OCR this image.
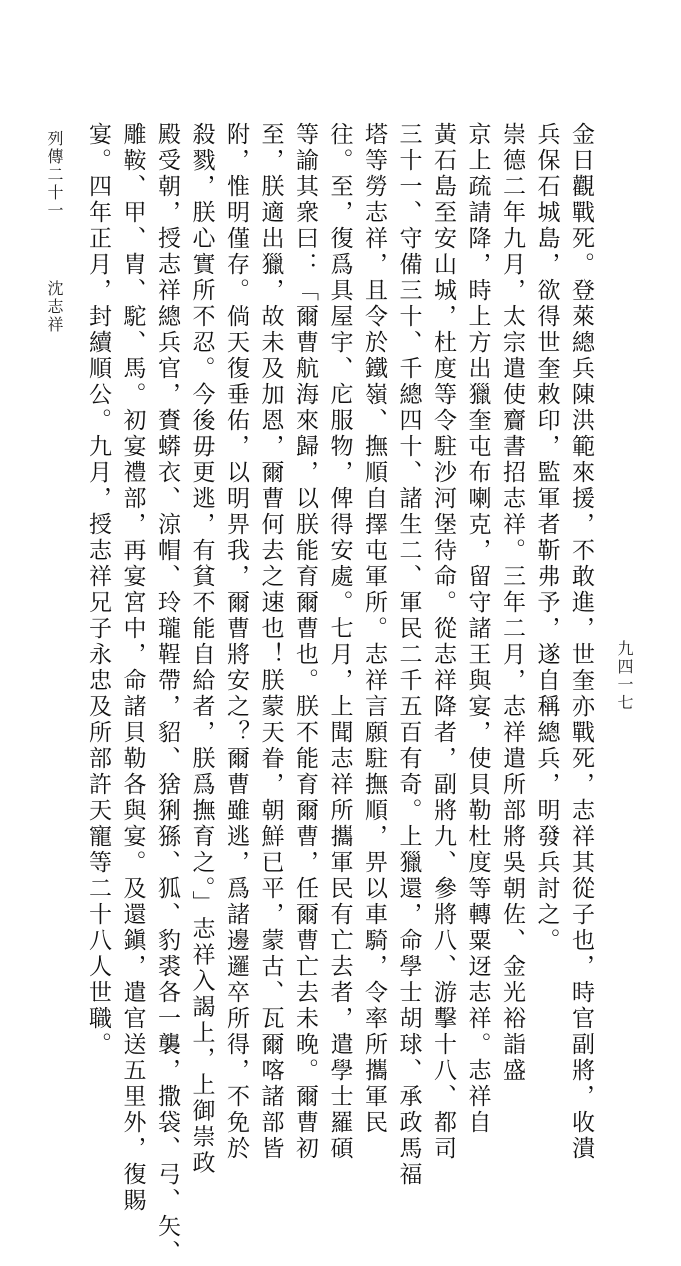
列傳二十一
沈志祥
九四一七
金日觀戰死。登萊總兵陳洪範來援，不敢進，世奎亦戰死，志祥其從子也，時官副將，收潰
兵保石城島，欲得世奎敕印，監軍者靳弗予，遂自稱總兵，明發兵討之。
崇德二年九月，太宗遣使齎書招志祥。三年二月，志祥遣所部將吳朝佐、金光裕詣盛
京上疏請降，時上方出獵奎屯布喇克，留守諸王與宴，使貝勒杜度等轉粟迓志祥。志祥自
黃石島至安山城，杜度等令駐沙河堡待命。從志祥降者，副將九、參將八、游擊十八、都司
三十一、守備三十、千總四十、諸生二、軍民二千五百有奇。上獵還，命學士胡球、承政馬福
塔等勞志祥，且令於鐵嶺、撫順自擇屯軍所。志祥言願駐撫順，畀以車騎，令率所攜軍民
往。至，復爲具屋宇、庀服物，俾得安處。七月，上聞志祥所攜軍民有亡去者，遣學士羅碩
等諭其衆曰：「爾曹航海來歸，以朕能育爾曹也。朕不能育爾曹，任爾曹亡去未晚。爾曹初
至，朕適出獵，故未及加恩，爾曹何去之速也！朕蒙天眷，朝鮮已平，蒙古、瓦爾喀諸部皆
附，惟明僅存。倘天復垂佑，以明畀我，爾曹將安之？爾曹雖逃，爲諸邊邏卒所得，不免於
殺戮，朕心實所不忍。今後毋更逃，有貧不能自給者，朕爲撫育之。」志祥入謁上，上御崇政
殿受朝，授志祥總兵官，賚蟒衣、涼帽、玲瓏鞓帶，貂、猞猁猻、狐、豹裘各一襲，撒袋、弓、矢、
雕鞍、甲、胄、駝、馬。初宴禮部，再宴宮中，命諸貝勒各與宴。及還鎭，遣官送五里外，復賜
宴。四年正月，封續順公。九月，授志祥兄子永忠及所部許天寵等二十八人世職。
